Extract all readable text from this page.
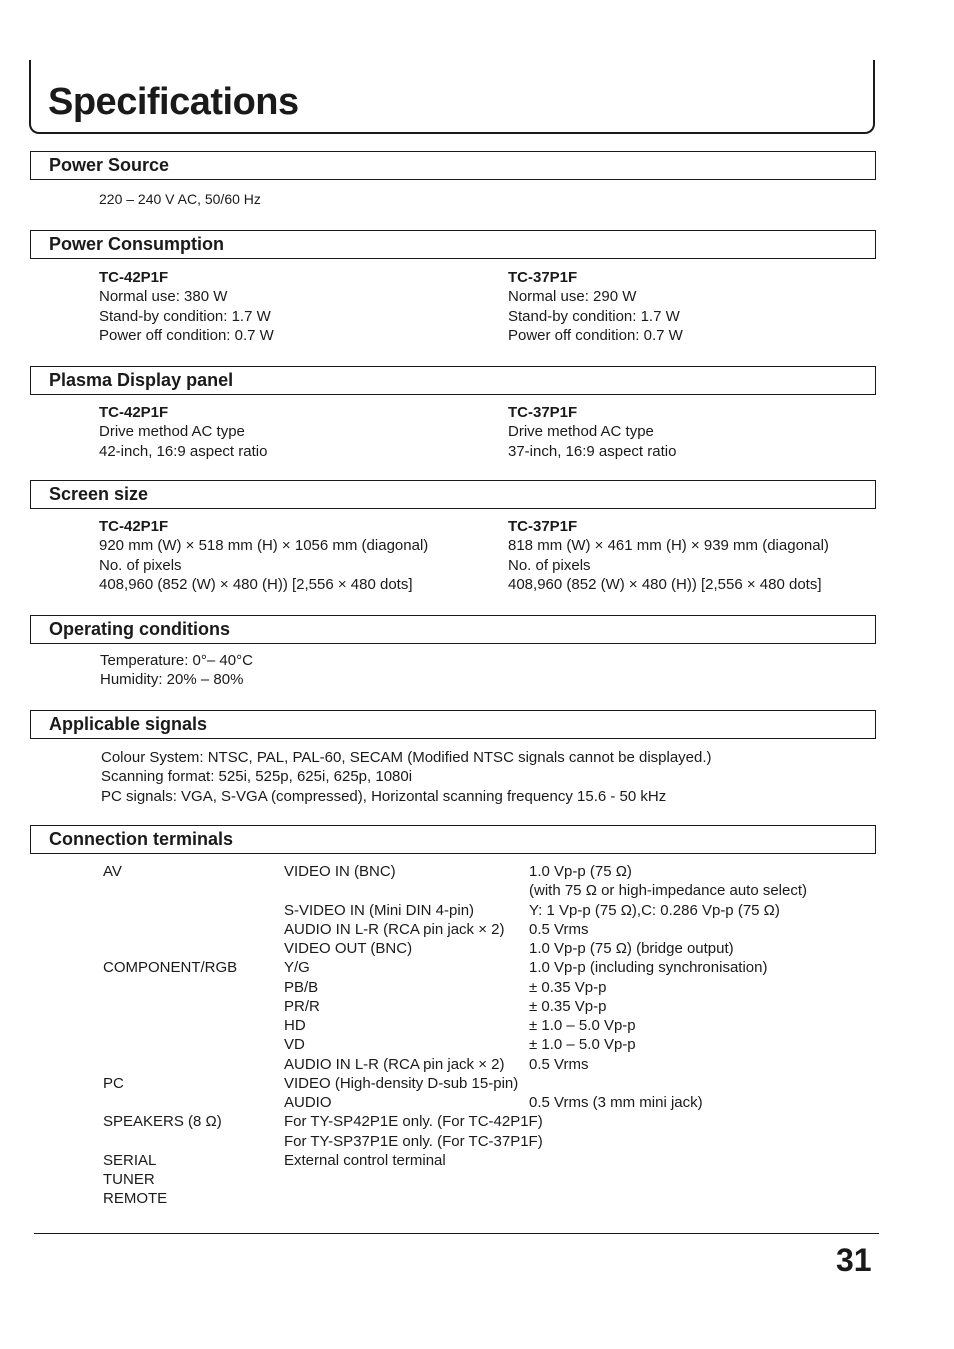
Specifications
Power Source
220 – 240 V AC, 50/60 Hz
Power Consumption
TC-42P1F
Normal use: 380 W
Stand-by condition: 1.7 W
Power off condition: 0.7 W
TC-37P1F
Normal use: 290 W
Stand-by condition: 1.7 W
Power off condition: 0.7 W
Plasma Display panel
TC-42P1F
Drive method AC type
42-inch, 16:9 aspect ratio
TC-37P1F
Drive method AC type
37-inch, 16:9 aspect ratio
Screen size
TC-42P1F
920 mm (W) × 518 mm (H) × 1056 mm (diagonal)
No. of pixels
408,960 (852 (W) × 480 (H)) [2,556 × 480 dots]
TC-37P1F
818 mm (W) × 461 mm (H) × 939 mm (diagonal)
No. of pixels
408,960 (852 (W) × 480 (H)) [2,556 × 480 dots]
Operating conditions
Temperature: 0°– 40°C
Humidity: 20% – 80%
Applicable signals
Colour System: NTSC, PAL, PAL-60, SECAM (Modified NTSC signals cannot be displayed.)
Scanning format: 525i, 525p, 625i, 625p, 1080i
PC signals: VGA, S-VGA (compressed), Horizontal scanning frequency 15.6 - 50 kHz
Connection terminals
AV	VIDEO IN (BNC)	1.0 Vp-p (75 Ω)
(with 75 Ω or high-impedance auto select)
S-VIDEO IN (Mini DIN 4-pin)	Y: 1 Vp-p (75 Ω),C: 0.286 Vp-p (75 Ω)
AUDIO IN L-R (RCA pin jack × 2) 0.5 Vrms
VIDEO OUT (BNC)	1.0 Vp-p (75 Ω) (bridge output)
COMPONENT/RGB	Y/G	1.0 Vp-p (including synchronisation)
PB/B	± 0.35 Vp-p
PR/R	± 0.35 Vp-p
HD	± 1.0 – 5.0 Vp-p
VD	± 1.0 – 5.0 Vp-p
AUDIO IN L-R (RCA pin jack × 2) 0.5 Vrms
PC	VIDEO (High-density D-sub 15-pin)
AUDIO	0.5 Vrms (3 mm mini jack)
SPEAKERS (8 Ω)	For TY-SP42P1E only. (For TC-42P1F)
For TY-SP37P1E only. (For TC-37P1F)
SERIAL	External control terminal
TUNER
REMOTE
31
